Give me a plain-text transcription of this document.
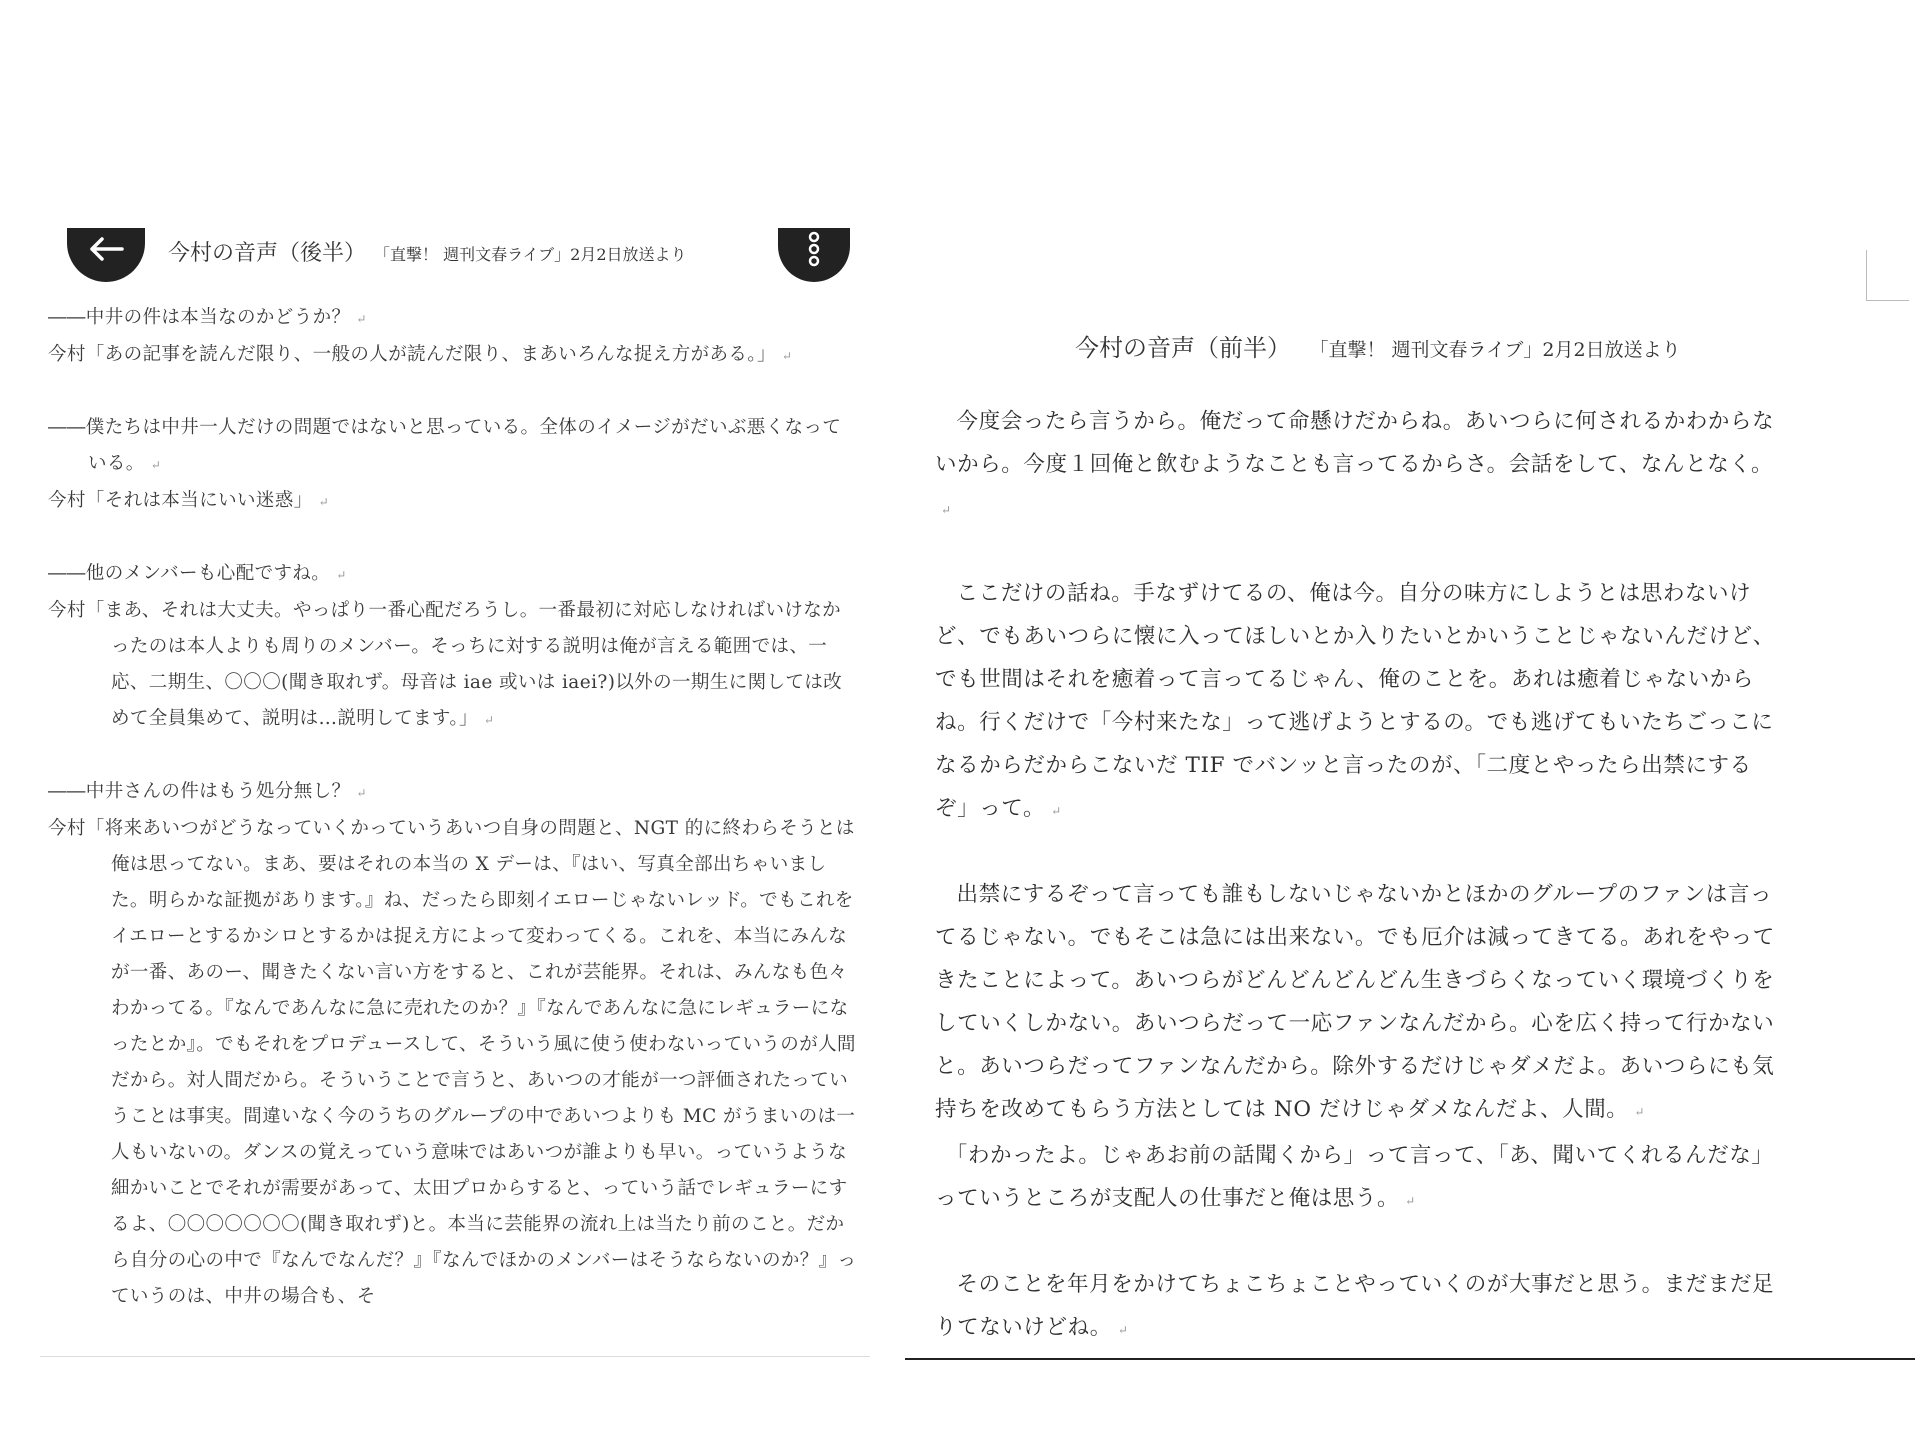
今村の音声（後半） 「直撃！ 週刊文春ライブ」2月2日放送より

――中井の件は本当なのかどうか？ ↵

今村「あの記事を読んだ限り、一般の人が読んだ限り、まあいろんな捉え方がある。」 ↵

――僕たちは中井一人だけの問題ではないと思っている。全体のイメージがだいぶ悪くなっている。 ↵

今村「それは本当にいい迷惑」 ↵

――他のメンバーも心配ですね。 ↵

今村「まあ、それは大丈夫。やっぱり一番心配だろうし。一番最初に対応しなければいけなかったのは本人よりも周りのメンバー。そっちに対する説明は俺が言える範囲では、一応、二期生、〇〇〇(聞き取れず。母音は iae 或いは iaei?)以外の一期生に関しては改めて全員集めて、説明は…説明してます。」 ↵

――中井さんの件はもう処分無し？ ↵

今村「将来あいつがどうなっていくかっていうあいつ自身の問題と、NGT 的に終わらそうとは俺は思ってない。まあ、要はそれの本当の X デーは、『はい、写真全部出ちゃいました。明らかな証拠があります。』ね、だったら即刻イエローじゃないレッド。でもこれをイエローとするかシロとするかは捉え方によって変わってくる。これを、本当にみんなが一番、あのー、聞きたくない言い方をすると、これが芸能界。それは、みんなも色々わかってる。『なんであんなに急に売れたのか？』『なんであんなに急にレギュラーになったとか』。でもそれをプロデュースして、そういう風に使う使わないっていうのが人間だから。対人間だから。そういうことで言うと、あいつの才能が一つ評価されたっていうことは事実。間違いなく今のうちのグループの中であいつよりも MC がうまいのは一人もいないの。ダンスの覚えっていう意味ではあいつが誰よりも早い。っていうような細かいことでそれが需要があって、太田プロからすると、っていう話でレギュラーにするよ、〇〇〇〇〇〇〇(聞き取れず)と。本当に芸能界の流れ上は当たり前のこと。だから自分の心の中で『なんでなんだ？』『なんでほかのメンバーはそうならないのか？』っていうのは、中井の場合も、そ

今村の音声（前半） 「直撃！ 週刊文春ライブ」2月2日放送より

今度会ったら言うから。俺だって命懸けだからね。あいつらに何されるかわからないから。今度１回俺と飲むようなことも言ってるからさ。会話をして、なんとなく。↵

ここだけの話ね。手なずけてるの、俺は今。自分の味方にしようとは思わないけど、でもあいつらに懐に入ってほしいとか入りたいとかいうことじゃないんだけど、でも世間はそれを癒着って言ってるじゃん、俺のことを。あれは癒着じゃないからね。行くだけで「今村来たな」って逃げようとするの。でも逃げてもいたちごっこになるからだからこないだ TIF でバンッと言ったのが、「二度とやったら出禁にするぞ」って。 ↵

出禁にするぞって言っても誰もしないじゃないかとほかのグループのファンは言ってるじゃない。でもそこは急には出来ない。でも厄介は減ってきてる。あれをやってきたことによって。あいつらがどんどんどんどん生きづらくなっていく環境づくりをしていくしかない。あいつらだって一応ファンなんだから。心を広く持って行かないと。あいつらだってファンなんだから。除外するだけじゃダメだよ。あいつらにも気持ちを改めてもらう方法としては NO だけじゃダメなんだよ、人間。 ↵

「わかったよ。じゃあお前の話聞くから」って言って、「あ、聞いてくれるんだな」っていうところが支配人の仕事だと俺は思う。 ↵

そのことを年月をかけてちょこちょことやっていくのが大事だと思う。まだまだ足りてないけどね。 ↵
